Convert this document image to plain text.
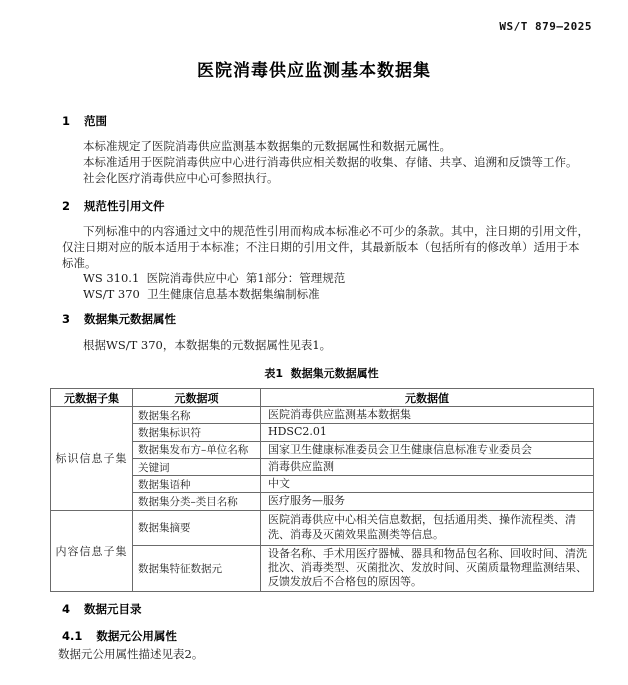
WS/T 879—2025
医院消毒供应监测基本数据集
1 范围
本标准规定了医院消毒供应监测基本数据集的元数据属性和数据元属性。
本标准适用于医院消毒供应中心进行消毒供应相关数据的收集、存储、共享、追溯和反馈等工作。
社会化医疗消毒供应中心可参照执行。
2 规范性引用文件
下列标准中的内容通过文中的规范性引用而构成本标准必不可少的条款。其中，注日期的引用文件，
仅注日期对应的版本适用于本标准；不注日期的引用文件，其最新版本（包括所有的修改单）适用于本
标准。
WS 310.1  医院消毒供应中心  第1部分：管理规范
WS/T 370  卫生健康信息基本数据集编制标准
3 数据集元数据属性
根据WS/T 370，本数据集的元数据属性见表1。
表1  数据集元数据属性
元数据子集	元数据项	元数据值
标识信息子集	数据集名称	医院消毒供应监测基本数据集
	数据集标识符	HDSC2.01
	数据集发布方–单位名称	国家卫生健康标准委员会卫生健康信息标准专业委员会
	关键词	消毒供应监测
	数据集语种	中文
	数据集分类–类目名称	医疗服务—服务
内容信息子集	数据集摘要	医院消毒供应中心相关信息数据，包括通用类、操作流程类、清洗、消毒及灭菌效果监测类等信息。
	数据集特征数据元	设备名称、手术用医疗器械、器具和物品包名称、回收时间、清洗批次、消毒类型、灭菌批次、发放时间、灭菌质量物理监测结果、反馈发放后不合格包的原因等。
4 数据元目录
4.1 数据元公用属性
数据元公用属性描述见表2。
